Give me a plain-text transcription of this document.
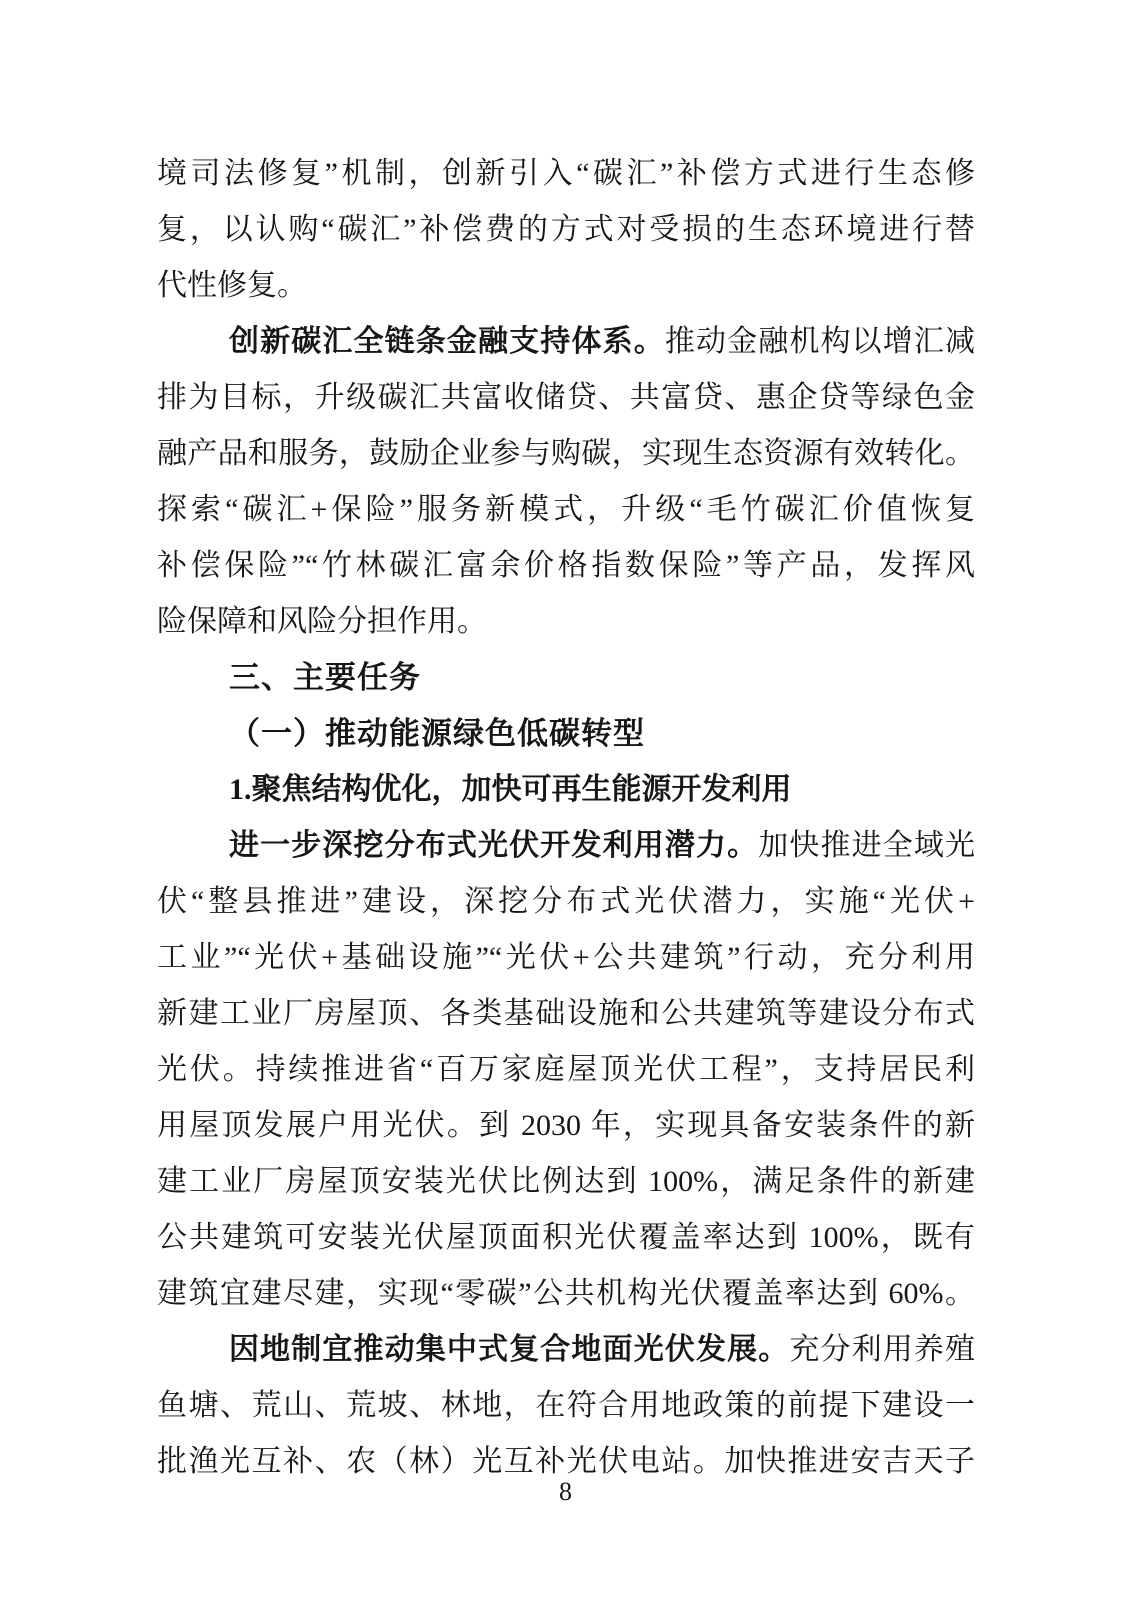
境司法修复”机制，创新引入“碳汇”补偿方式进行生态修
复，以认购“碳汇”补偿费的方式对受损的生态环境进行替
代性修复。
创新碳汇全链条金融支持体系。推动金融机构以增汇减
排为目标，升级碳汇共富收储贷、共富贷、惠企贷等绿色金
融产品和服务，鼓励企业参与购碳，实现生态资源有效转化。
探索“碳汇+保险”服务新模式，升级“毛竹碳汇价值恢复
补偿保险”“竹林碳汇富余价格指数保险”等产品，发挥风
险保障和风险分担作用。
三、主要任务
（一）推动能源绿色低碳转型
1.聚焦结构优化，加快可再生能源开发利用
进一步深挖分布式光伏开发利用潜力。加快推进全域光
伏“整县推进”建设，深挖分布式光伏潜力，实施“光伏+
工业”“光伏+基础设施”“光伏+公共建筑”行动，充分利用
新建工业厂房屋顶、各类基础设施和公共建筑等建设分布式
光伏。持续推进省“百万家庭屋顶光伏工程”，支持居民利
用屋顶发展户用光伏。到 2030 年，实现具备安装条件的新
建工业厂房屋顶安装光伏比例达到 100%，满足条件的新建
公共建筑可安装光伏屋顶面积光伏覆盖率达到 100%，既有
建筑宜建尽建，实现“零碳”公共机构光伏覆盖率达到 60%。
因地制宜推动集中式复合地面光伏发展。充分利用养殖
鱼塘、荒山、荒坡、林地，在符合用地政策的前提下建设一
批渔光互补、农（林）光互补光伏电站。加快推进安吉天子
8
